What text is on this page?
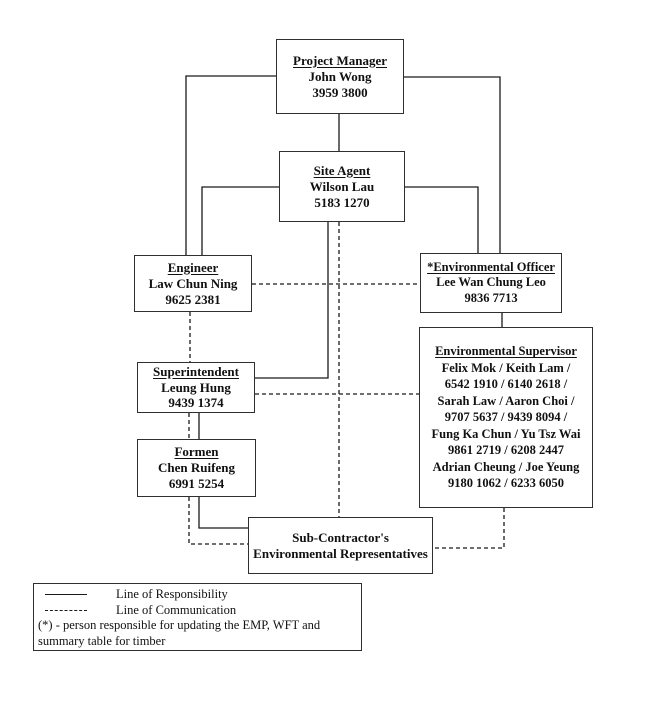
Project Manager
John Wong
3959 3800
Site Agent
Wilson Lau
5183 1270
Engineer
Law Chun Ning
9625 2381
*Environmental Officer
Lee Wan Chung Leo
9836 7713
Superintendent
Leung Hung
9439 1374
Environmental Supervisor
Felix Mok / Keith Lam /
6542 1910 / 6140 2618 /
Sarah Law / Aaron Choi /
9707 5637 / 9439 8094 /
Fung Ka Chun / Yu Tsz Wai
9861 2719 / 6208 2447
Adrian Cheung / Joe Yeung
9180 1062 / 6233 6050
Formen
Chen Ruifeng
6991 5254
Sub-Contractor's
Environmental Representatives
Line of Responsibility
Line of Communication
(*) - person responsible for updating the EMP, WFT and
summary table for timber
